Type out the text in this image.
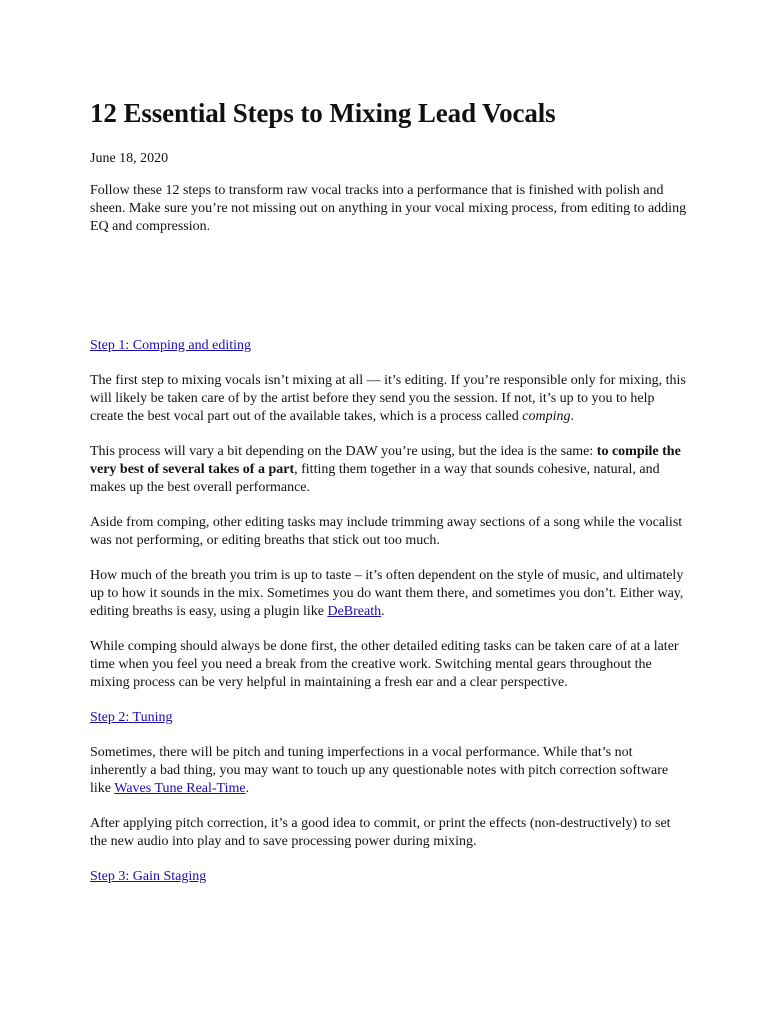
12 Essential Steps to Mixing Lead Vocals

June 18, 2020

Follow these 12 steps to transform raw vocal tracks into a performance that is finished with polish and sheen. Make sure you’re not missing out on anything in your vocal mixing process, from editing to adding EQ and compression.

Step 1: Comping and editing

The first step to mixing vocals isn’t mixing at all — it’s editing. If you’re responsible only for mixing, this will likely be taken care of by the artist before they send you the session. If not, it’s up to you to help create the best vocal part out of the available takes, which is a process called comping.

This process will vary a bit depending on the DAW you’re using, but the idea is the same: to compile the very best of several takes of a part, fitting them together in a way that sounds cohesive, natural, and makes up the best overall performance.

Aside from comping, other editing tasks may include trimming away sections of a song while the vocalist was not performing, or editing breaths that stick out too much.

How much of the breath you trim is up to taste – it’s often dependent on the style of music, and ultimately up to how it sounds in the mix. Sometimes you do want them there, and sometimes you don’t. Either way, editing breaths is easy, using a plugin like DeBreath.

While comping should always be done first, the other detailed editing tasks can be taken care of at a later time when you feel you need a break from the creative work. Switching mental gears throughout the mixing process can be very helpful in maintaining a fresh ear and a clear perspective.

Step 2: Tuning

Sometimes, there will be pitch and tuning imperfections in a vocal performance. While that’s not inherently a bad thing, you may want to touch up any questionable notes with pitch correction software like Waves Tune Real-Time.

After applying pitch correction, it’s a good idea to commit, or print the effects (non-destructively) to set the new audio into play and to save processing power during mixing.

Step 3: Gain Staging
